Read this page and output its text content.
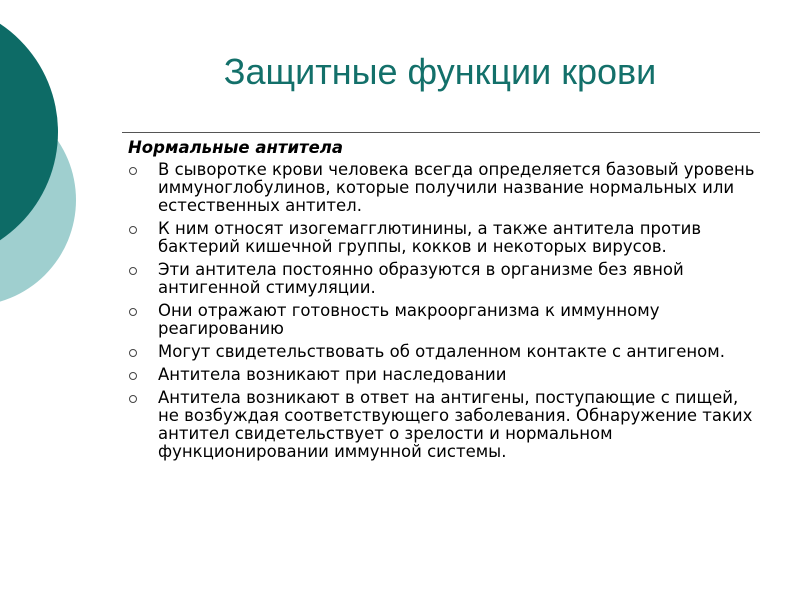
Защитные функции крови
Нормальные антитела
В сыворотке крови человека всегда определяется базовый уровень иммуноглобулинов, которые получили название нормальных или естественных антител.
К ним относят изогемагглютинины, а также антитела против бактерий кишечной группы, кокков и некоторых вирусов.
Эти антитела постоянно образуются в организме без явной антигенной стимуляции.
Они отражают готовность макроорганизма к иммунному реагированию
Могут свидетельствовать об отдаленном контакте с антигеном.
Антитела возникают при наследовании
Антитела возникают в ответ на антигены, поступающие с пищей, не возбуждая соответствующего заболевания. Обнаружение таких антител свидетельствует о зрелости и нормальном функционировании иммунной системы.
